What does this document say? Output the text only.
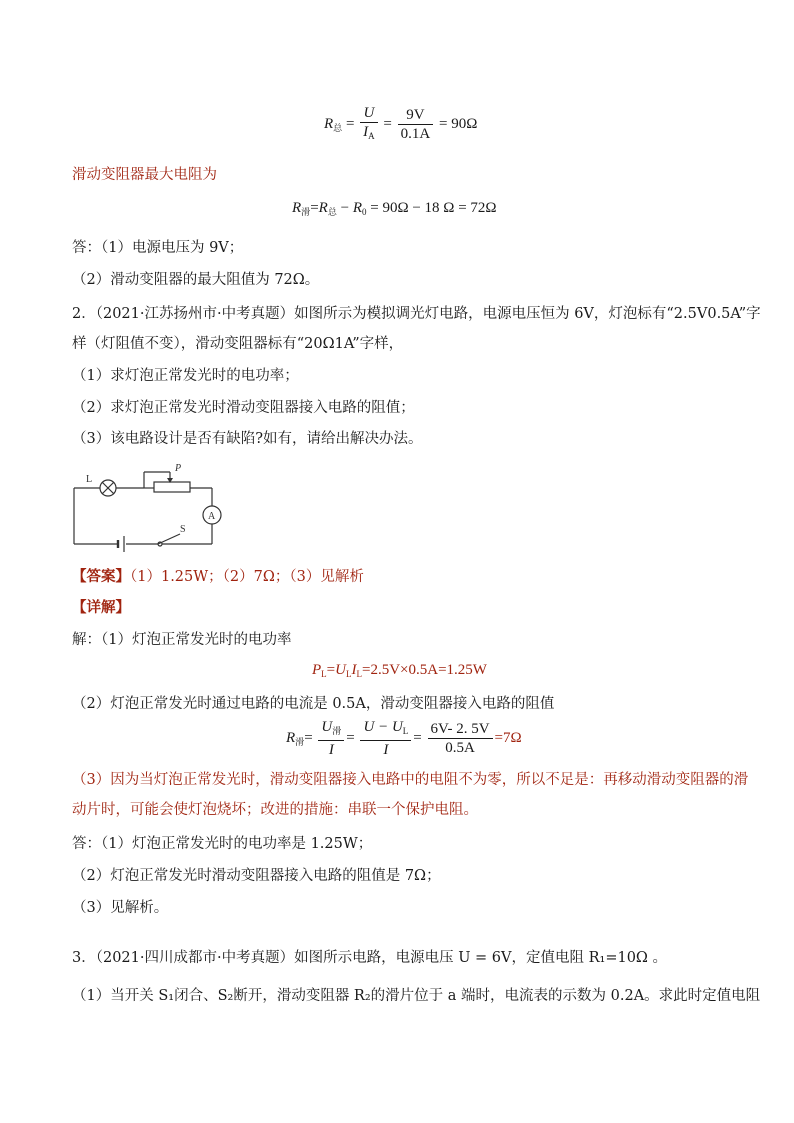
$R_总 = \frac{U}{I_A} = \frac{9V}{0.1A} = 90\Omega$
滑动变阻器最大电阻为
$R_滑=R_总 - R_0 = 90\Omega - 18$ Ω = 72Ω
答：（1）电源电压为 9V；
（2）滑动变阻器的最大阻值为 72Ω。
2．（2021·江苏扬州市·中考真题）如图所示为模拟调光灯电路，电源电压恒为 6V，灯泡标有“2.5V0.5A”字
样（灯阻值不变），滑动变阻器标有“20Ω1A”字样，
（1）求灯泡正常发光时的电功率；
（2）求灯泡正常发光时滑动变阻器接入电路的阻值；
（3）该电路设计是否有缺陷?如有，请给出解决办法。
L
P
A
S
【答案】（1）1.25W；（2）7Ω；（3）见解析
【详解】
解：（1）灯泡正常发光时的电功率
$P_L=U_LI_L=2.5V\times 0.5A=1.25W$
（2）灯泡正常发光时通过电路的电流是 0.5A，滑动变阻器接入电路的阻值
$R_滑= \frac{U_滑}{I} = \frac{U - U_L}{I} = \frac{6V- 2. 5V}{0.5A} =7\Omega$
（3）因为当灯泡正常发光时，滑动变阻器接入电路中的电阻不为零，所以不足是：再移动滑动变阻器的滑
动片时，可能会使灯泡烧坏；改进的措施：串联一个保护电阻。
答：（1）灯泡正常发光时的电功率是 1.25W；
（2）灯泡正常发光时滑动变阻器接入电路的阻值是 7Ω；
（3）见解析。
3．（2021·四川成都市·中考真题）如图所示电路，电源电压 U = 6V，定值电阻 R₁=10Ω 。
（1）当开关 S₁闭合、S₂断开，滑动变阻器 R₂的滑片位于 a 端时，电流表的示数为 0.2A。求此时定值电阻
